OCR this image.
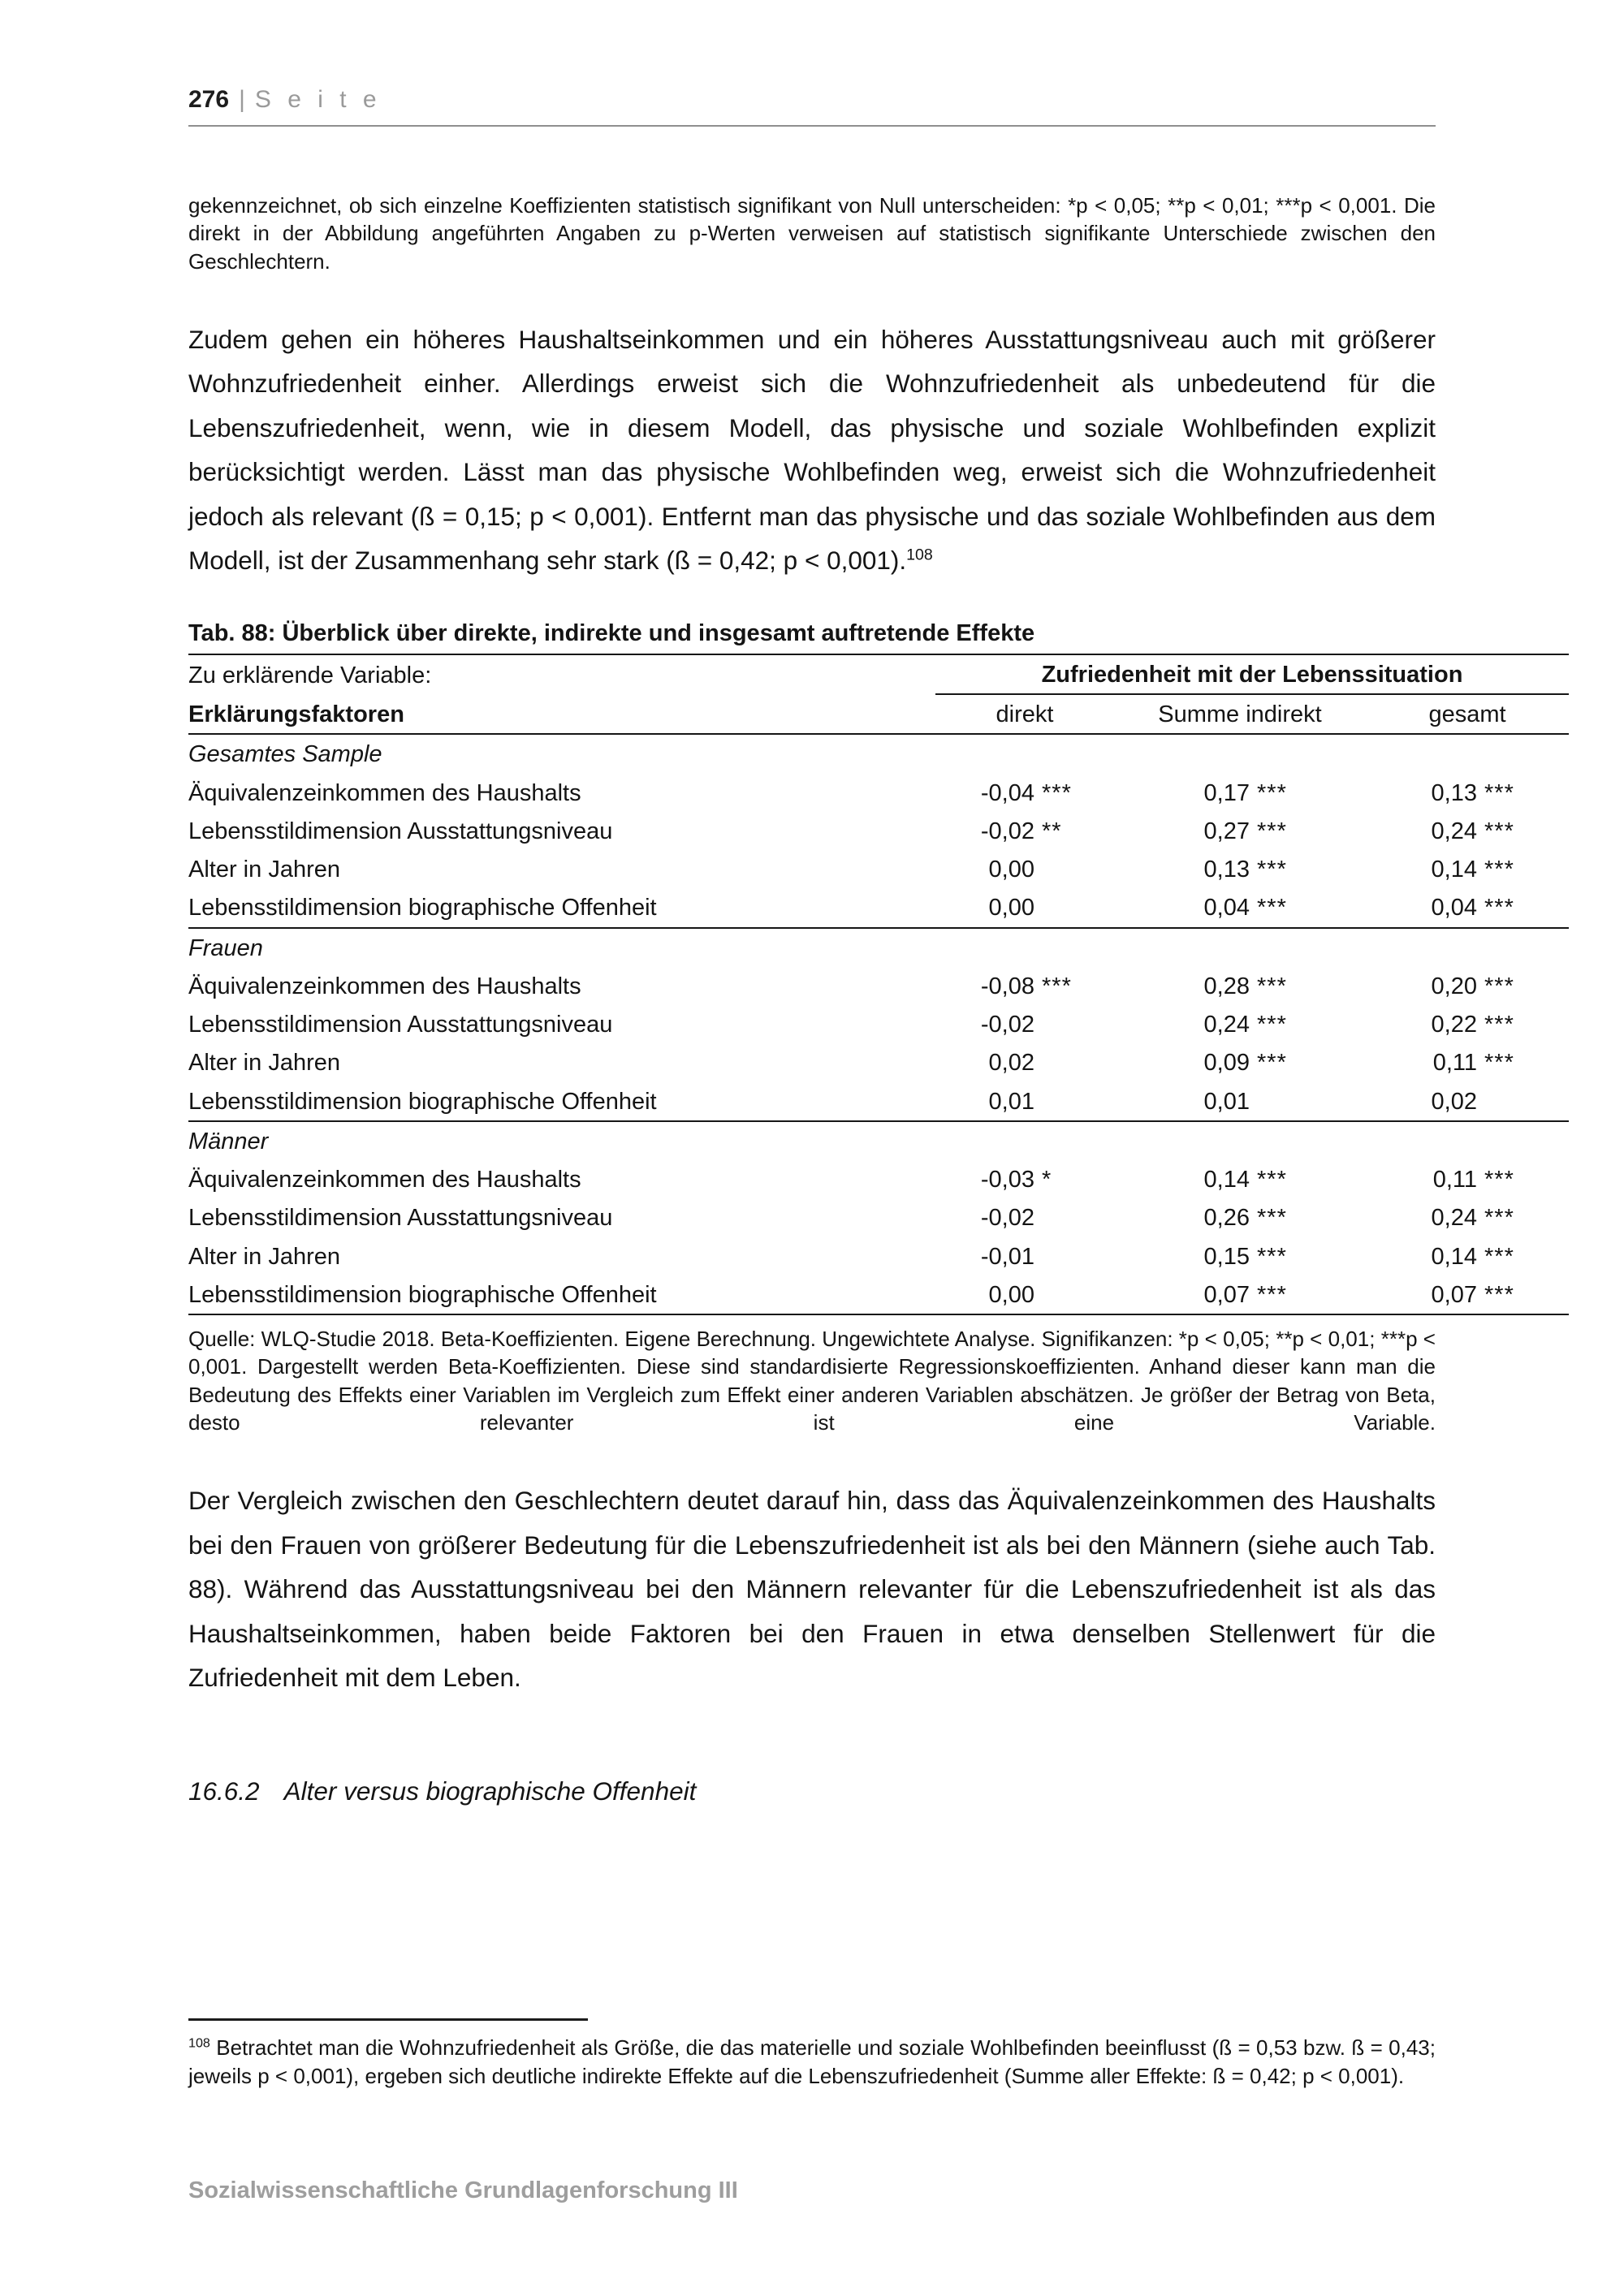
276 | S e i t e

gekennzeichnet, ob sich einzelne Koeffizienten statistisch signifikant von Null unterscheiden: *p < 0,05; **p < 0,01; ***p < 0,001. Die direkt in der Abbildung angeführten Angaben zu p-Werten verweisen auf statistisch signifikante Unterschiede zwischen den Geschlechtern.

Zudem gehen ein höheres Haushaltseinkommen und ein höheres Ausstattungsniveau auch mit größerer Wohnzufriedenheit einher. Allerdings erweist sich die Wohnzufriedenheit als unbedeutend für die Lebenszufriedenheit, wenn, wie in diesem Modell, das physische und soziale Wohlbefinden explizit berücksichtigt werden. Lässt man das physische Wohlbefinden weg, erweist sich die Wohnzufriedenheit jedoch als relevant (ß = 0,15; p < 0,001). Entfernt man das physische und das soziale Wohlbefinden aus dem Modell, ist der Zusammenhang sehr stark (ß = 0,42; p < 0,001).$^{108}$

Tab. 88: Überblick über direkte, indirekte und insgesamt auftretende Effekte
Zu erklärende Variable:	Zufriedenheit mit der Lebenssituation		
Erklärungsfaktoren	direkt	Summe indirekt	gesamt
Gesamtes Sample			
Äquivalenzeinkommen des Haushalts	-0,04 ***	0,17 ***	0,13 ***

Lebensstildimension Ausstattungsniveau	-0,02 **	0,27 ***	0,24 ***

Alter in Jahren	0,00	0,13 ***	0,14 ***

Lebensstildimension biographische Offenheit	0,00	0,04 ***	0,04 ***

Frauen			
Äquivalenzeinkommen des Haushalts	-0,08 ***	0,28 ***	0,20 ***

Lebensstildimension Ausstattungsniveau	-0,02	0,24 ***	0,22 ***

Alter in Jahren	0,02	0,09 ***	0,11 ***

Lebensstildimension biographische Offenheit	0,01	0,01	0,02

Männer			
Äquivalenzeinkommen des Haushalts	-0,03 *	0,14 ***	0,11 ***

Lebensstildimension Ausstattungsniveau	-0,02	0,26 ***	0,24 ***

Alter in Jahren	-0,01	0,15 ***	0,14 ***

Lebensstildimension biographische Offenheit	0,00	0,07 ***	0,07 ***

Quelle: WLQ-Studie 2018. Beta-Koeffizienten. Eigene Berechnung. Ungewichtete Analyse. Signifikanzen: *p < 0,05; **p < 0,01; ***p < 0,001. Dargestellt werden Beta-Koeffizienten. Diese sind standardisierte Regressionskoeffizienten. Anhand dieser kann man die Bedeutung des Effekts einer Variablen im Vergleich zum Effekt einer anderen Variablen abschätzen. Je größer der Betrag von Beta, desto relevanter ist eine Variable.

Der Vergleich zwischen den Geschlechtern deutet darauf hin, dass das Äquivalenzeinkommen des Haushalts bei den Frauen von größerer Bedeutung für die Lebenszufriedenheit ist als bei den Männern (siehe auch Tab. 88). Während das Ausstattungsniveau bei den Männern relevanter für die Lebenszufriedenheit ist als das Haushaltseinkommen, haben beide Faktoren bei den Frauen in etwa denselben Stellenwert für die Zufriedenheit mit dem Leben.

16.6.2 Alter versus biographische Offenheit

$^{108}$ Betrachtet man die Wohnzufriedenheit als Größe, die das materielle und soziale Wohlbefinden beeinflusst (ß = 0,53 bzw. ß = 0,43; jeweils p < 0,001), ergeben sich deutliche indirekte Effekte auf die Lebenszufriedenheit (Summe aller Effekte: ß = 0,42; p < 0,001).

Sozialwissenschaftliche Grundlagenforschung III
